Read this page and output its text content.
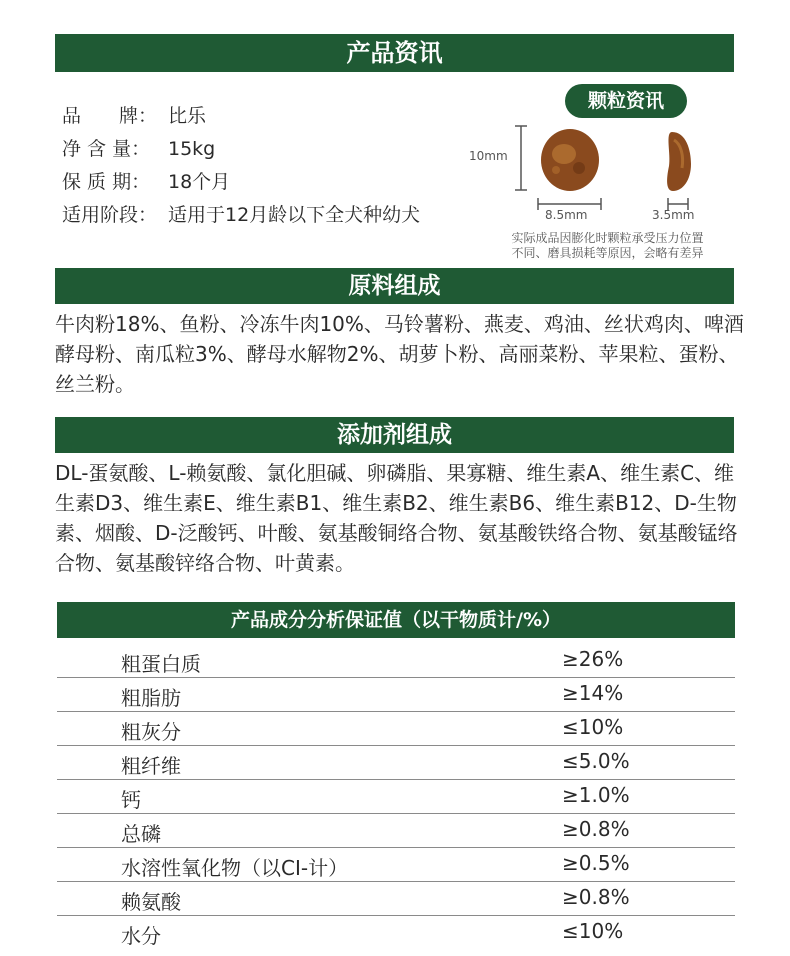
产品资讯
品　　牌： 比乐
净 含 量： 15kg
保 质 期： 18个月
适用阶段： 适用于12月龄以下全犬种幼犬
颗粒资讯
10mm
8.5mm	3.5mm
实际成品因膨化时颗粒承受压力位置
不同、磨具损耗等原因，会略有差异
原料组成
牛肉粉18%、鱼粉、冷冻牛肉10%、马铃薯粉、燕麦、鸡油、丝状鸡肉、啤酒酵母粉、南瓜粒3%、酵母水解物2%、胡萝卜粉、高丽菜粉、苹果粒、蛋粉、丝兰粉。
添加剂组成
DL-蛋氨酸、L-赖氨酸、氯化胆碱、卵磷脂、果寡糖、维生素A、维生素C、维生素D3、维生素E、维生素B1、维生素B2、维生素B6、维生素B12、D-生物素、烟酸、D-泛酸钙、叶酸、氨基酸铜络合物、氨基酸铁络合物、氨基酸锰络合物、氨基酸锌络合物、叶黄素。
产品成分分析保证值（以干物质计/%）
粗蛋白质	≥26%
粗脂肪	≥14%
粗灰分	≤10%
粗纤维	≤5.0%
钙	≥1.0%
总磷	≥0.8%
水溶性氧化物（以CI-计）	≥0.5%
赖氨酸	≥0.8%
水分	≤10%
